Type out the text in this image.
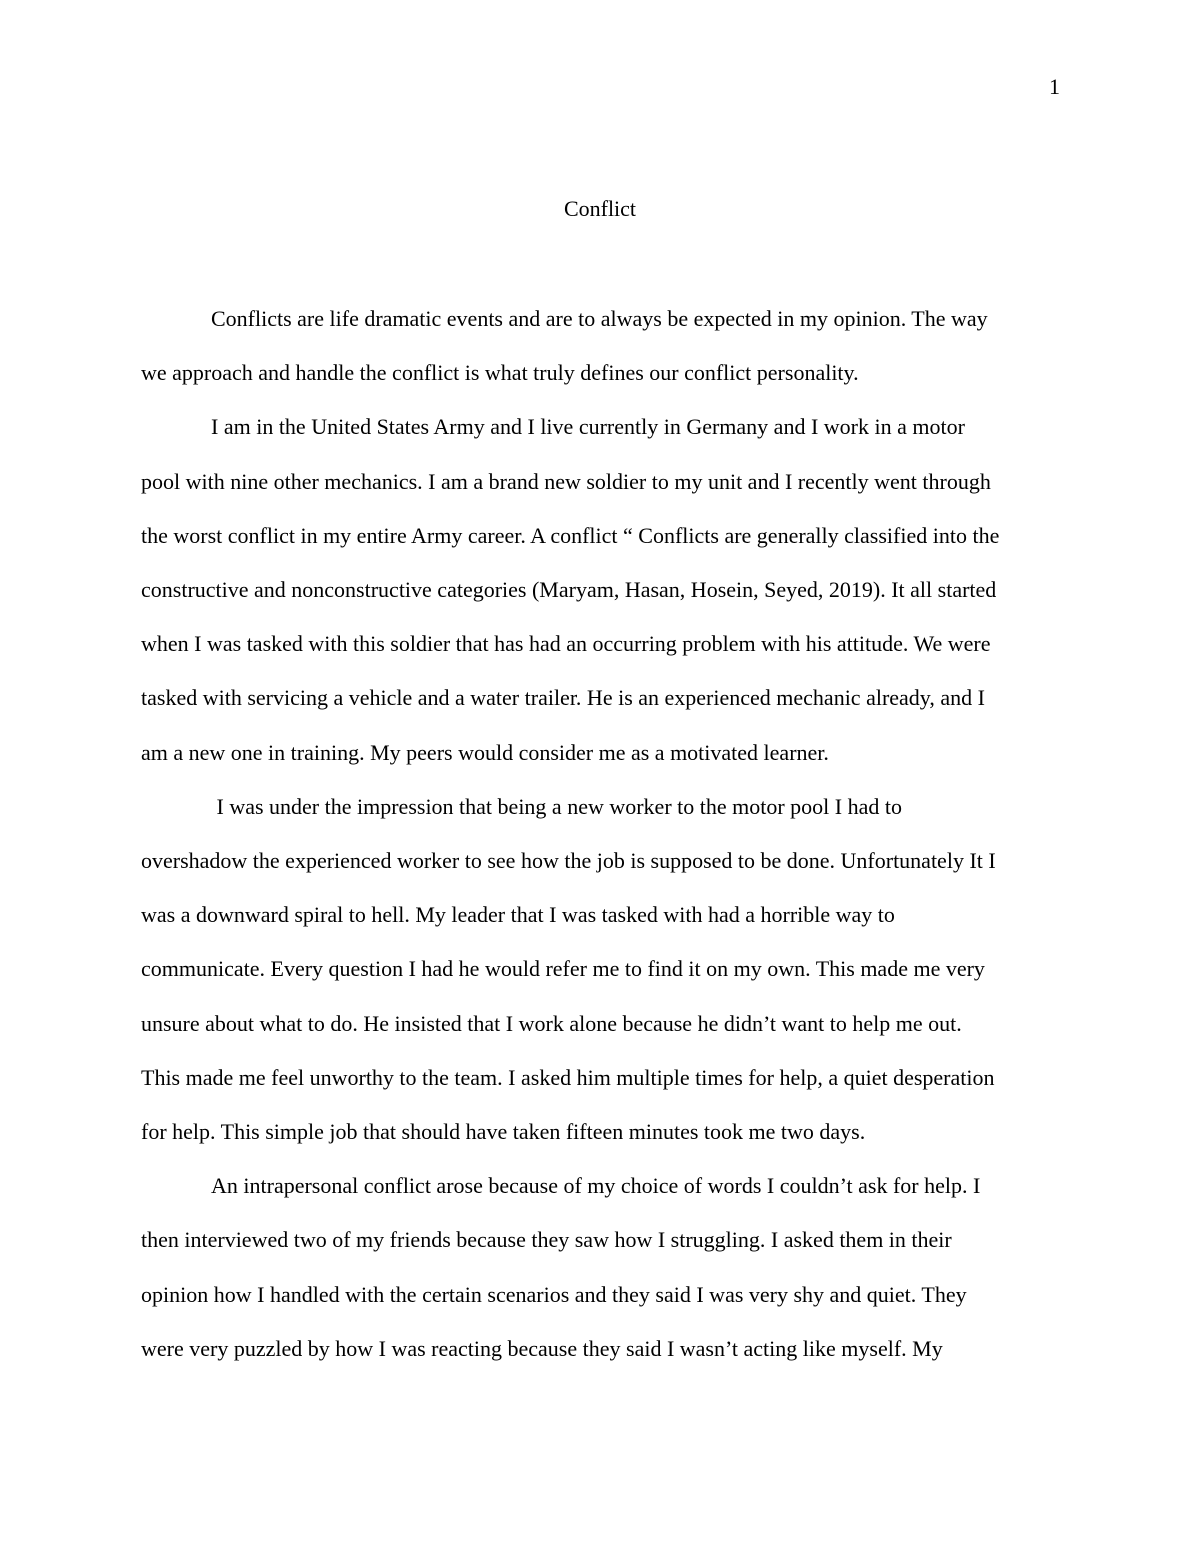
1
Conflict

Conflicts are life dramatic events and are to always be expected in my opinion. The way
we approach and handle the conflict is what truly defines our conflict personality.

I am in the United States Army and I live currently in Germany and I work in a motor
pool with nine other mechanics. I am a brand new soldier to my unit and I recently went through
the worst conflict in my entire Army career. A conflict “ Conflicts are generally classified into the
constructive and nonconstructive categories (Maryam, Hasan, Hosein, Seyed, 2019). It all started
when I was tasked with this soldier that has had an occurring problem with his attitude. We were
tasked with servicing a vehicle and a water trailer. He is an experienced mechanic already, and I
am a new one in training. My peers would consider me as a motivated learner.

I was under the impression that being a new worker to the motor pool I had to
overshadow the experienced worker to see how the job is supposed to be done. Unfortunately It I
was a downward spiral to hell. My leader that I was tasked with had a horrible way to
communicate. Every question I had he would refer me to find it on my own. This made me very
unsure about what to do. He insisted that I work alone because he didn’t want to help me out.
This made me feel unworthy to the team. I asked him multiple times for help, a quiet desperation
for help. This simple job that should have taken fifteen minutes took me two days.

An intrapersonal conflict arose because of my choice of words I couldn’t ask for help. I
then interviewed two of my friends because they saw how I struggling. I asked them in their
opinion how I handled with the certain scenarios and they said I was very shy and quiet. They
were very puzzled by how I was reacting because they said I wasn’t acting like myself. My
